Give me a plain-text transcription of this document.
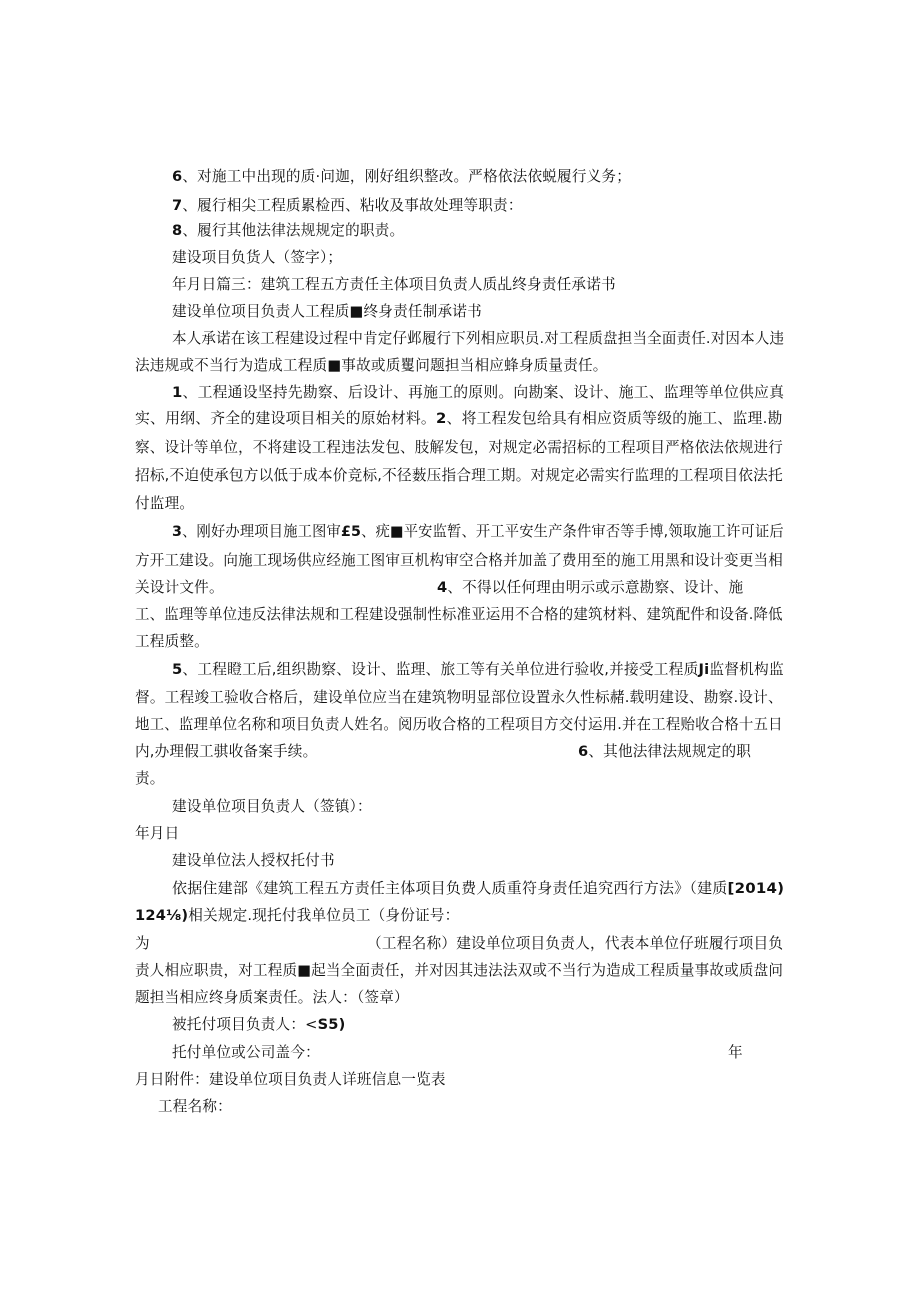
6、对施工中出现的质·问迦，刚好组织整改。严格依法依蜕履行义务；
7、履行相尖工程质累检西、粘收及事故处理等职责：
8、履行其他法律法规规定的职责。
建设项目负货人（签字）；
年月日篇三：建筑工程五方责任主体项目负责人质乩终身责任承诺书
建设单位项目负责人工程质■终身责任制承诺书
本人承诺在该工程建设过程中肯定仔邺履行下列相应职员.对工程质盘担当全面责任.对因本人违
法违规或不当行为造成工程质■事故或质矍问题担当相应蜂身质量责任。
1、工程通设坚持先勘察、后设计、再施工的原则。向勘案、设计、施工、监理等单位供应真
实、用纲、齐全的建设项目相关的原始材料。2、将工程发包给具有相应资质等级的施工、监理.勘
察、设计等单位，不将建设工程违法发包、肢解发包，对规定必需招标的工程项目严格依法依规进行
招标,不迫使承包方以低于成本价竞标,不径薮压指合理工期。对规定必需实行监理的工程项目依法托
付监理。
3、刚好办理项目施工图审£5、疣■平安监暂、开工平安生产条件审否等手博,领取施工许可证后
方开工建设。向施工现场供应经施工图审亘机构审空合格并加盖了费用至的施工用黑和设计变更当相
关设计文件。	4、不得以任何理由明示或示意勘察、设计、施
工、监理等单位违反法律法规和工程建设强制性标准亚运用不合格的建筑材料、建筑配件和设备.降低
工程质整。
5、工程瞪工后,组织勘察、设计、监理、旅工等有关单位进行验收,并接受工程质Ji监督机构监
督。工程竣工验收合格后，建设单位应当在建筑物明显部位设置永久性标赭.载明建设、勘察.设计、
地工、监理单位名称和项目负责人姓名。阅历收合格的工程项目方交付运用.并在工程贻收合格十五日
内,办理假工骐收备案手续。	6、其他法律法规规定的职
责。
建设单位项目负责人（签镇）：
年月日
建设单位法人授权托付书
依据住建部《建筑工程五方责任主体项目负费人质重符身责任追究西行方法》（建质[2014)
124⅛)相关规定.现托付我单位员工（身份证号：
为	（工程名称）建设单位项目负责人，代表本单位仔班履行项目负
责人相应职贵，对工程质■起当全面责任，并对因其违法法双或不当行为造成工程质量事故或质盘问
题担当相应终身质案责任。法人：（签章）
被托付项目负责人：<S5)
托付单位或公司盖今：	年
月日附件：建设单位项目负责人详班信息一览表
工程名称：
